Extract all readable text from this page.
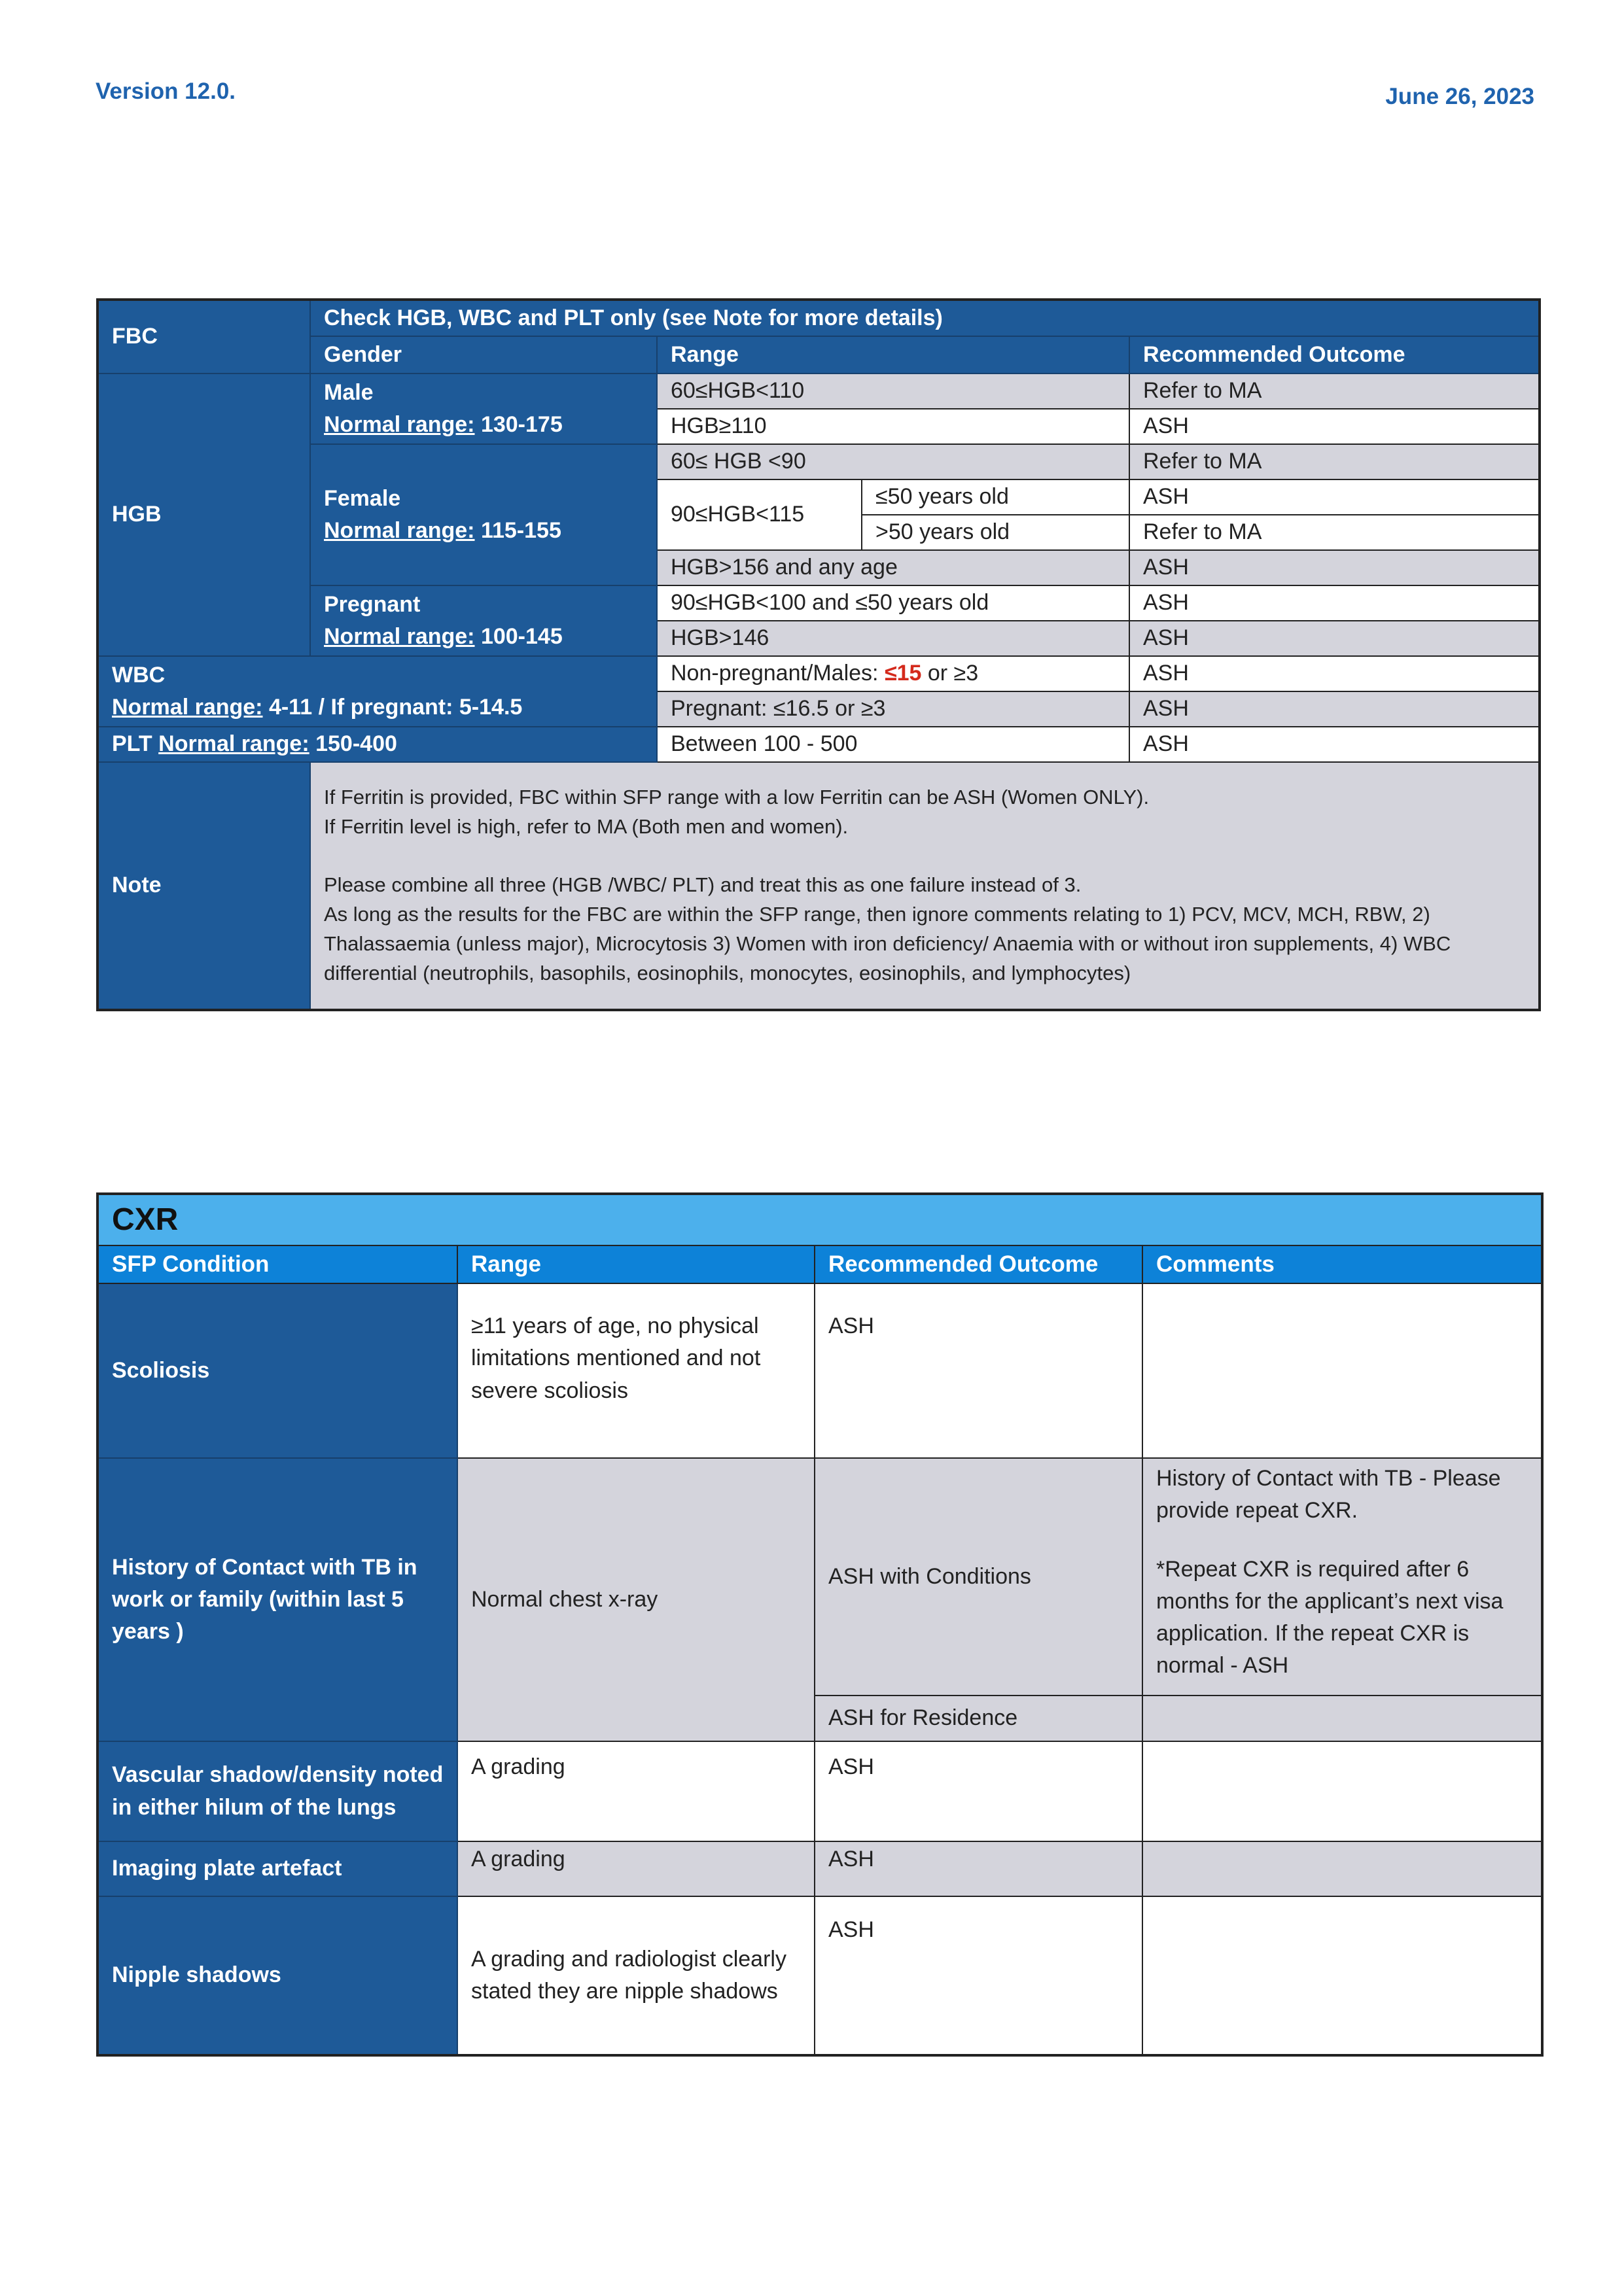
Version 12.0.	June 26, 2023
FBC	Check HGB, WBC and PLT only (see Note for more details)			
	Gender	Range		Recommended Outcome
HGB	Male
Normal range: 130-175	60≤HGB<110		Refer to MA
		HGB≥110		ASH

	Female
Normal range: 115-155	60≤ HGB <90		Refer to MA
		90≤HGB<115	≤50 years old	ASH
			>50 years old	Refer to MA
		HGB>156 and any age		ASH

	Pregnant
Normal range: 100-145	90≤HGB<100 and ≤50 years old		ASH
		HGB>146		ASH

WBC
Normal range: 4-11 / If pregnant: 5-14.5		Non-pregnant/Males: ≤15 or ≥3		ASH
		Pregnant: ≤16.5 or ≥3		ASH
PLT Normal range: 150-400		Between 100 - 500		ASH
Note	If Ferritin is provided, FBC within SFP range with a low Ferritin can be ASH (Women ONLY).

If Ferritin level is high, refer to MA (Both men and women).

Please combine all three (HGB /WBC/ PLT) and treat this as one failure instead of 3.

As long as the results for the FBC are within the SFP range, then ignore comments relating to 1) PCV, MCV, MCH, RBW, 2) Thalassaemia (unless major), Microcytosis 3) Women with iron deficiency/ Anaemia with or without iron supplements, 4) WBC differential (neutrophils, basophils, eosinophils, monocytes, eosinophils, and lymphocytes)			

CXR			
SFP Condition	Range	Recommended Outcome	Comments
Scoliosis	≥11 years of age, no physical limitations mentioned and not severe scoliosis	ASH	
History of Contact with TB in work or family (within last 5 years )	Normal chest x-ray	ASH with Conditions	History of Contact with TB - Please provide repeat CXR.
*Repeat CXR is required after 6 months for the applicant’s next visa application. If the repeat CXR is normal - ASH

		ASH for Residence	
Vascular shadow/density noted in either hilum of the lungs	A grading	ASH	
Imaging plate artefact	A grading	ASH	
Nipple shadows	A grading and radiologist clearly stated they are nipple shadows	ASH	
